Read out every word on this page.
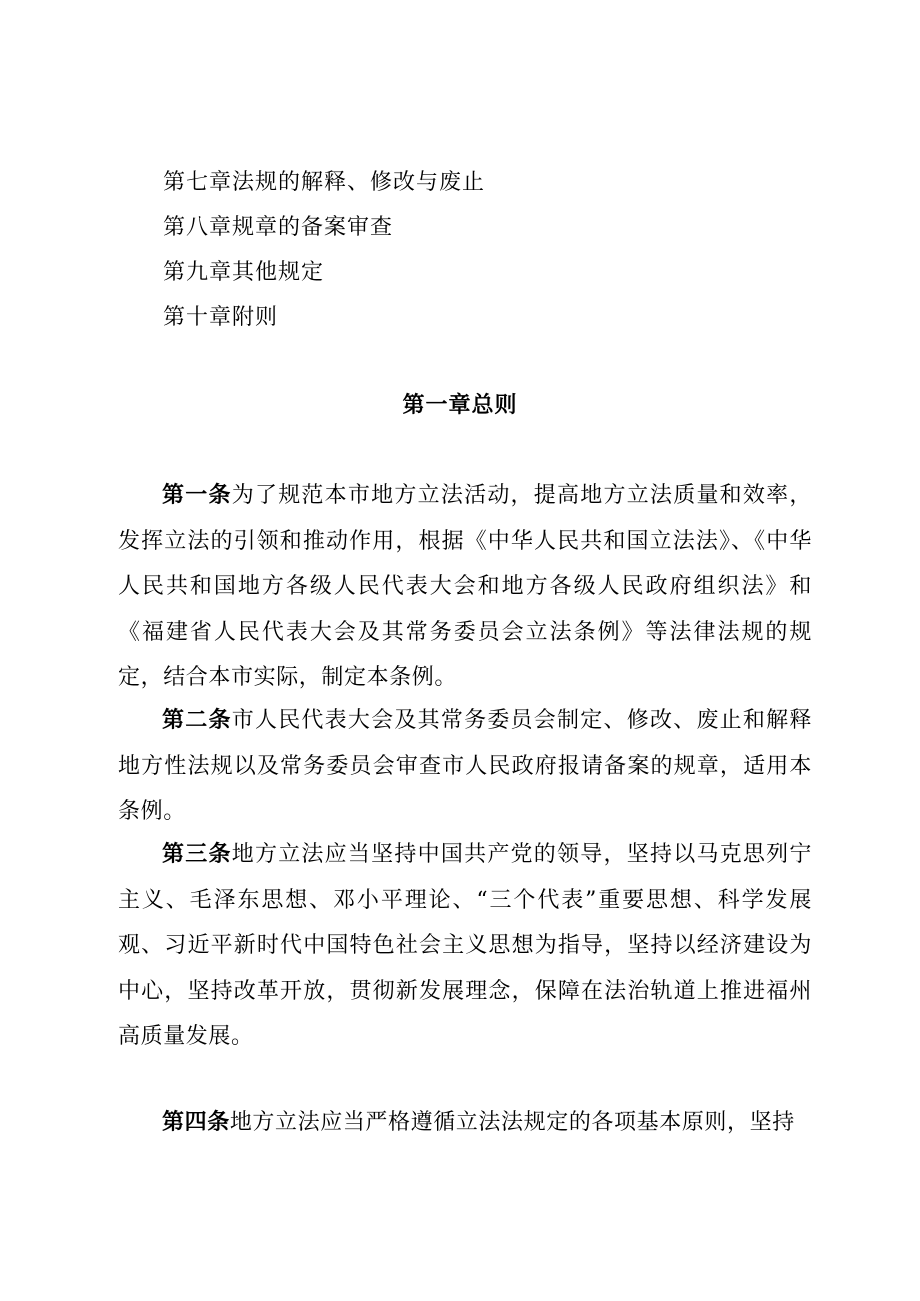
第七章法规的解释、修改与废止
第八章规章的备案审查
第九章其他规定
第十章附则
第一章总则

第一条为了规范本市地方立法活动，提高地方立法质量和效率，发挥立法的引领和推动作用，根据《中华人民共和国立法法》、《中华人民共和国地方各级人民代表大会和地方各级人民政府组织法》和《福建省人民代表大会及其常务委员会立法条例》等法律法规的规定，结合本市实际，制定本条例。

第二条市人民代表大会及其常务委员会制定、修改、废止和解释地方性法规以及常务委员会审查市人民政府报请备案的规章，适用本条例。

第三条地方立法应当坚持中国共产党的领导，坚持以马克思列宁主义、毛泽东思想、邓小平理论、“三个代表”重要思想、科学发展观、习近平新时代中国特色社会主义思想为指导，坚持以经济建设为中心，坚持改革开放，贯彻新发展理念，保障在法治轨道上推进福州高质量发展。

第四条地方立法应当严格遵循立法法规定的各项基本原则，坚持
